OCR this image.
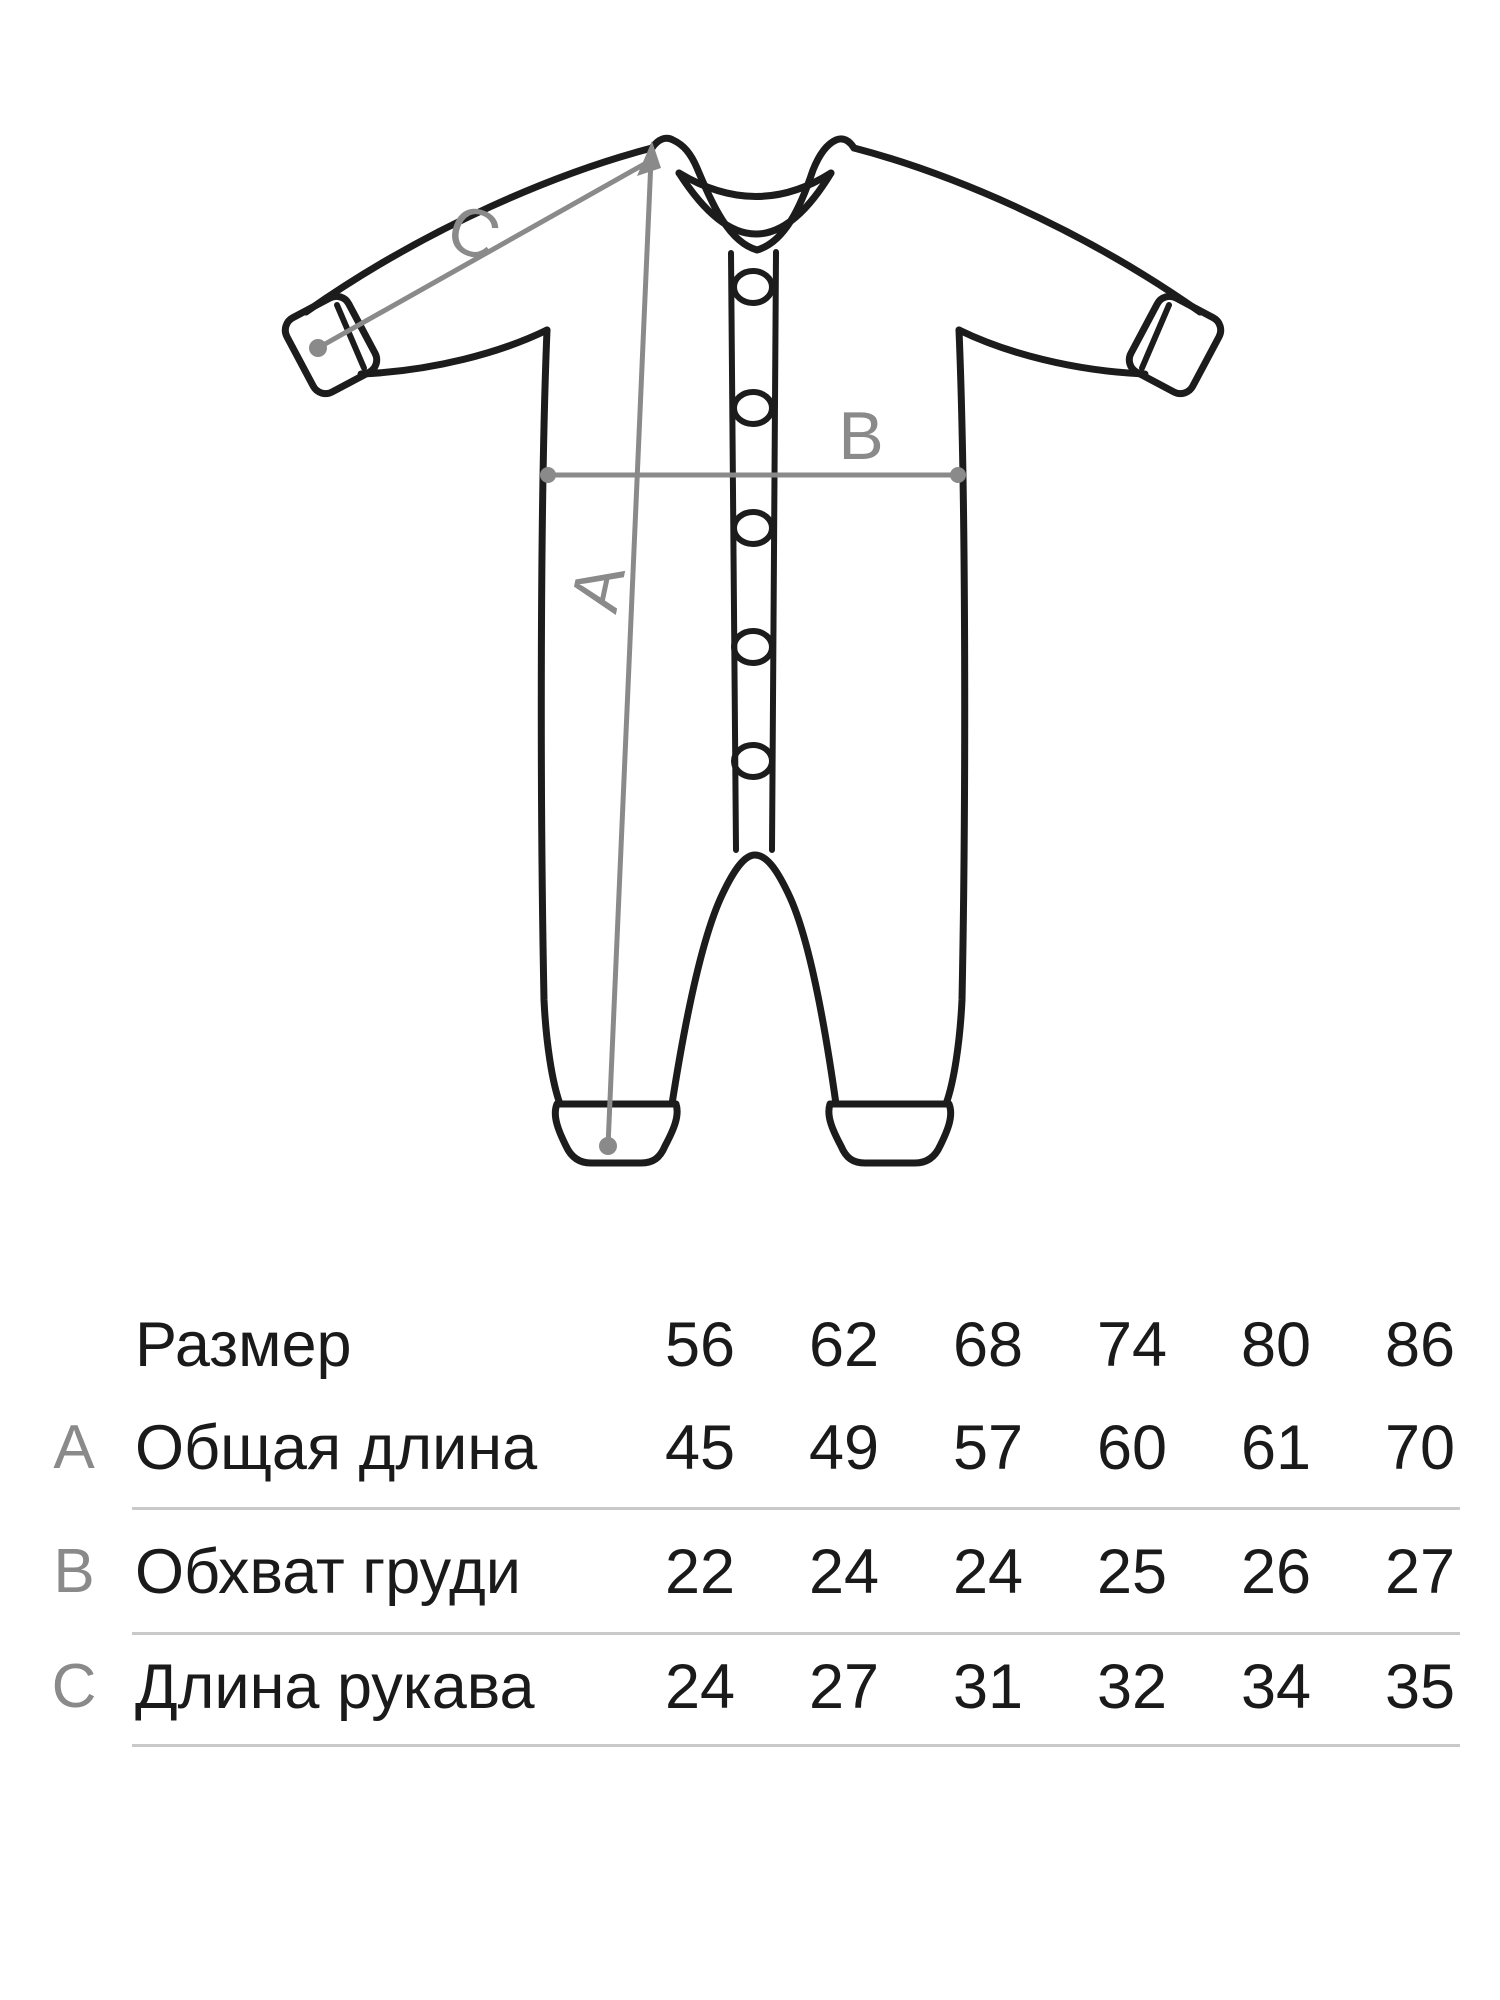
C
A
B
Размер	56	62	68	74	80	86
A Общая длина	45	49	57	60	61	70
B Обхват груди	22	24	24	25	26	27
C Длина рукава	24	27	31	32	34	35
